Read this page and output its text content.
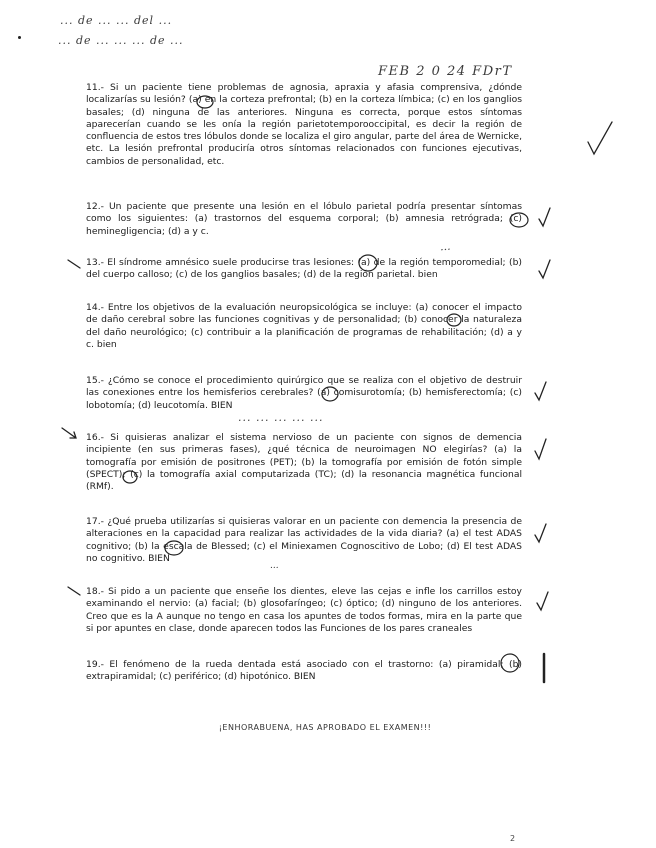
... de ... ... del ...
... de ... ... ... de ...
FEB 2 0 24 FDrT

11.- Si un paciente tiene problemas de agnosia, apraxia y afasia comprensiva, ¿dónde localizarías su lesión? (a) en la corteza prefrontal; (b) en la corteza límbica; (c) en los ganglios basales; (d) ninguna de las anteriores. Ninguna es correcta, porque estos síntomas aparecerían cuando se les onía la región parietotemporooccipital, es decir la región de confluencia de estos tres lóbulos donde se localiza el giro angular, parte del área de Wernicke, etc. La lesión prefrontal produciría otros síntomas relacionados con funciones ejecutivas, cambios de personalidad, etc.

12.- Un paciente que presente una lesión en el lóbulo parietal podría presentar síntomas como los siguientes: (a) trastornos del esquema corporal; (b) amnesia retrógrada; (c) heminegligencia; (d) a y c.

...

13.- El síndrome amnésico suele producirse tras lesiones: (a) de la región temporomedial; (b) del cuerpo calloso; (c) de los ganglios basales; (d) de la región parietal. bien

14.- Entre los objetivos de la evaluación neuropsicológica se incluye: (a) conocer el impacto de daño cerebral sobre las funciones cognitivas y de personalidad; (b) conocer la naturaleza del daño neurológico; (c) contribuir a la planificación de programas de rehabilitación; (d) a y c. bien

15.- ¿Cómo se conoce el procedimiento quirúrgico que se realiza con el objetivo de destruir las conexiones entre los hemisferios cerebrales? (a) comisurotomía; (b) hemisferectomía; (c) lobotomía; (d) leucotomía. BIEN

... ... ... ... ...

16.- Si quisieras analizar el sistema nervioso de un paciente con signos de demencia incipiente (en sus primeras fases), ¿qué técnica de neuroimagen NO elegirías? (a) la tomografía por emisión de positrones (PET); (b) la tomografía por emisión de fotón simple (SPECT); (c) la tomografía axial computarizada (TC); (d) la resonancia magnética funcional (RMf).

17.- ¿Qué prueba utilizarías si quisieras valorar en un paciente con demencia la presencia de alteraciones en la capacidad para realizar las actividades de la vida diaria? (a) el test ADAS cognitivo; (b) la escala de Blessed; (c) el Miniexamen Cognoscitivo de Lobo; (d) El test ADAS no cognitivo. BIEN

...

18.- Si pido a un paciente que enseñe los dientes, eleve las cejas e infle los carrillos estoy examinando el nervio: (a) facial; (b) glosofaríngeo; (c) óptico; (d) ninguno de los anteriores. Creo que es la A aunque no tengo en casa los apuntes de todos formas, mira en la parte que si por apuntes en clase, donde aparecen todos las Funciones de los pares craneales

19.- El fenómeno de la rueda dentada está asociado con el trastorno: (a) piramidal; (b) extrapiramidal; (c) periférico; (d) hipotónico. BIEN

¡ENHORABUENA, HAS APROBADO EL EXAMEN!!!
2
